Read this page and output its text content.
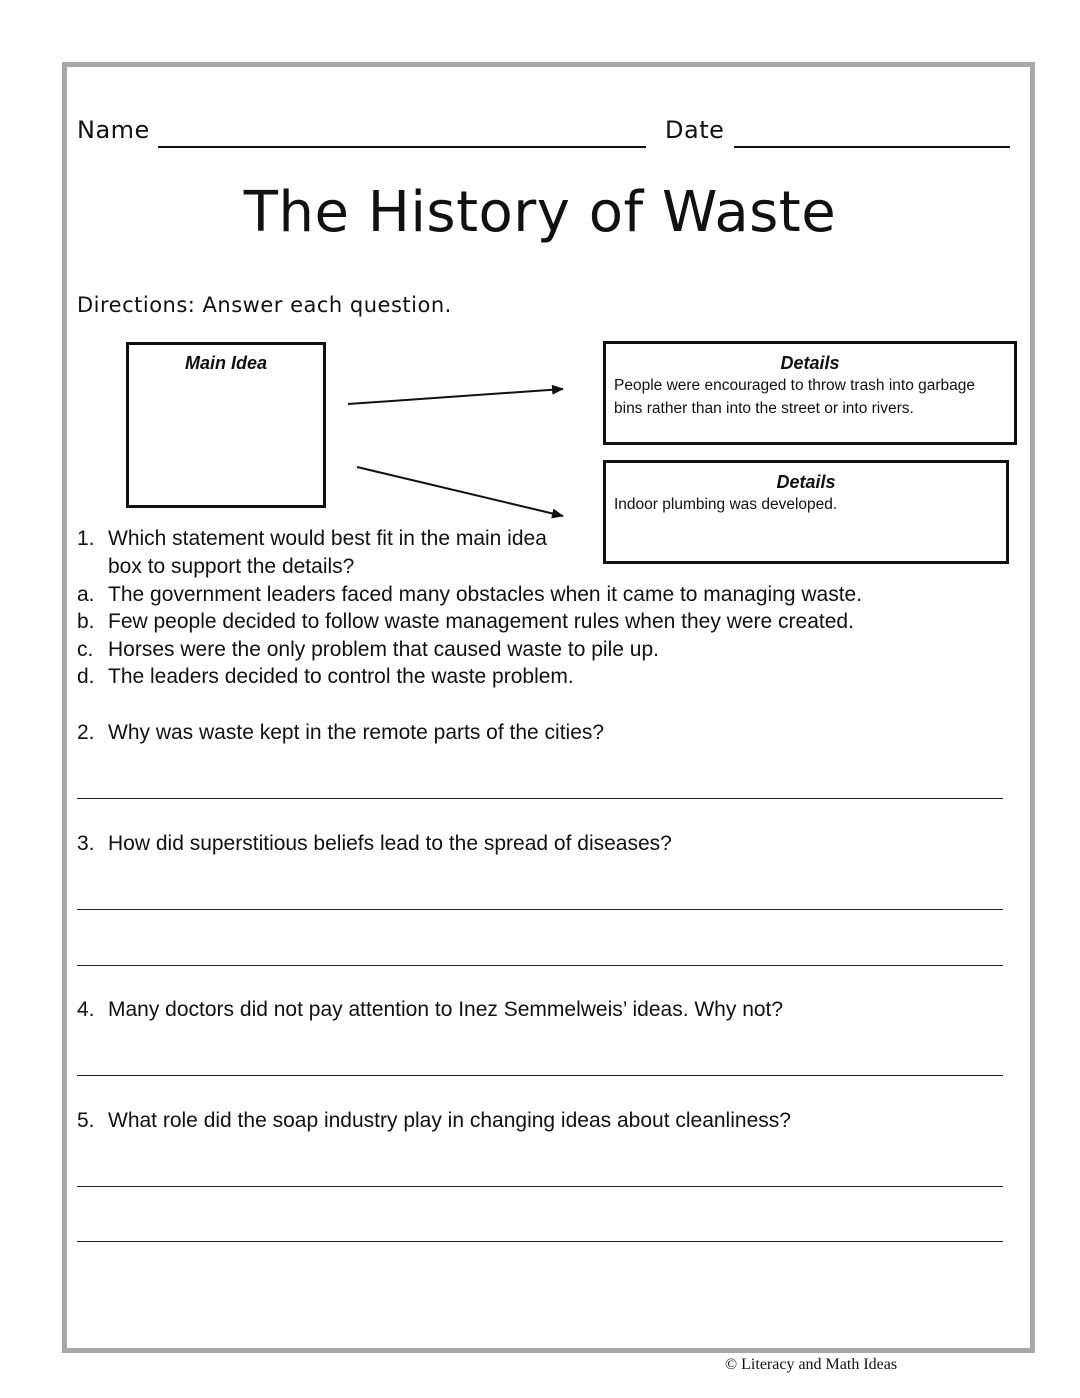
Name	Date
The History of Waste
Directions: Answer each question.
Main Idea	Details
People were encouraged to throw trash into garbage bins rather than into the street or into rivers.
Details
Indoor plumbing was developed.
1. Which statement would best fit in the main idea
box to support the details?
a. The government leaders faced many obstacles when it came to managing waste.
b. Few people decided to follow waste management rules when they were created.
c. Horses were the only problem that caused waste to pile up.
d. The leaders decided to control the waste problem.
2. Why was waste kept in the remote parts of the cities?
3. How did superstitious beliefs lead to the spread of diseases?
4. Many doctors did not pay attention to Inez Semmelweis’ ideas. Why not?
5. What role did the soap industry play in changing ideas about cleanliness?
© Literacy and Math Ideas
